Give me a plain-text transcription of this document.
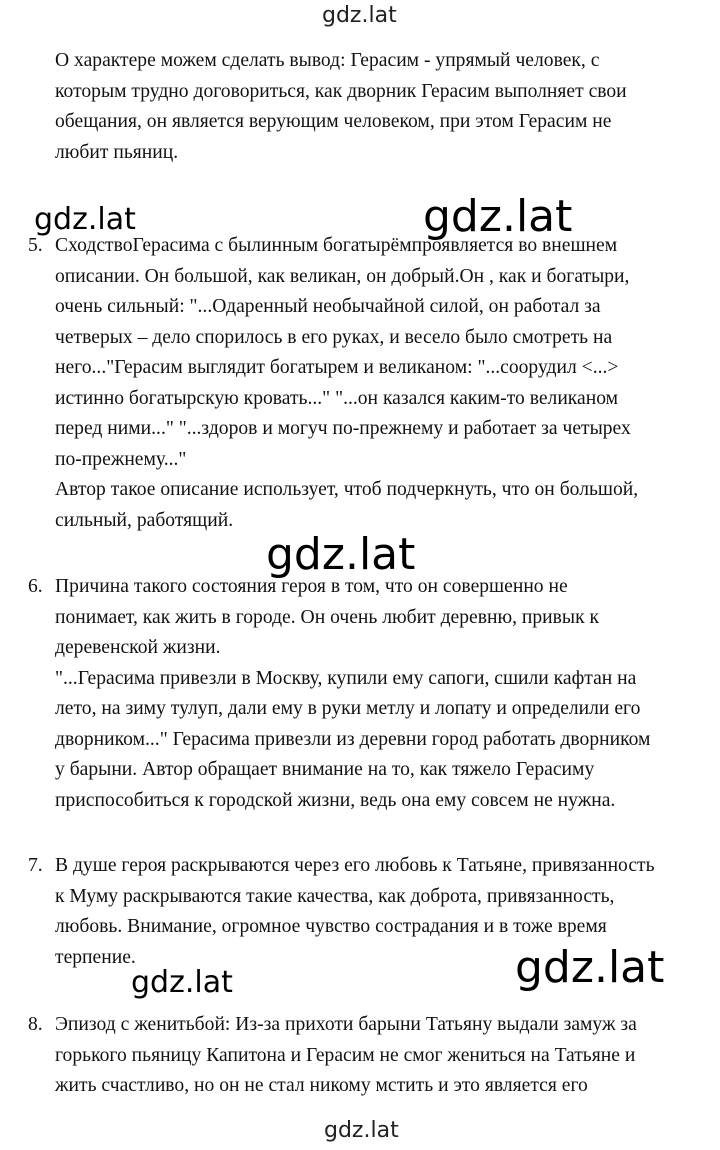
gdz.lat
gdz.lat	gdz.lat
gdz.lat
gdz.lat
gdz.lat
gdz.lat
О характере можем сделать вывод: Герасим - упрямый человек, с
которым трудно договориться, как дворник Герасим выполняет свои
обещания, он является верующим человеком, при этом Герасим не
любит пьяниц.
5. СходствоГерасима с былинным богатырёмпроявляется во внешнем
описании. Он большой, как великан, он добрый.Он , как и богатыри,
очень сильный: "...Одаренный необычайной силой, он работал за
четверых – дело спорилось в его руках, и весело было смотреть на
него..."Герасим выглядит богатырем и великаном: "...соорудил <...>
истинно богатырскую кровать..." "...он казался каким-то великаном
перед ними..." "...здоров и могуч по-прежнему и работает за четырех
по-прежнему..."
Автор такое описание использует, чтоб подчеркнуть, что он большой,
сильный, работящий.
6. Причина такого состояния героя в том, что он совершенно не
понимает, как жить в городе. Он очень любит деревню, привык к
деревенской жизни.
"...Герасима привезли в Москву, купили ему сапоги, сшили кафтан на
лето, на зиму тулуп, дали ему в руки метлу и лопату и определили его
дворником..." Герасима привезли из деревни город работать дворником
у барыни. Автор обращает внимание на то, как тяжело Герасиму
приспособиться к городской жизни, ведь она ему совсем не нужна.
7. В душе героя раскрываются через его любовь к Татьяне, привязанность
к Муму раскрываются такие качества, как доброта, привязанность,
любовь. Внимание, огромное чувство сострадания и в тоже время
терпение.
8. Эпизод с женитьбой: Из-за прихоти барыни Татьяну выдали замуж за
горького пьяницу Капитона и Герасим не смог жениться на Татьяне и
жить счастливо, но он не стал никому мстить и это является его
